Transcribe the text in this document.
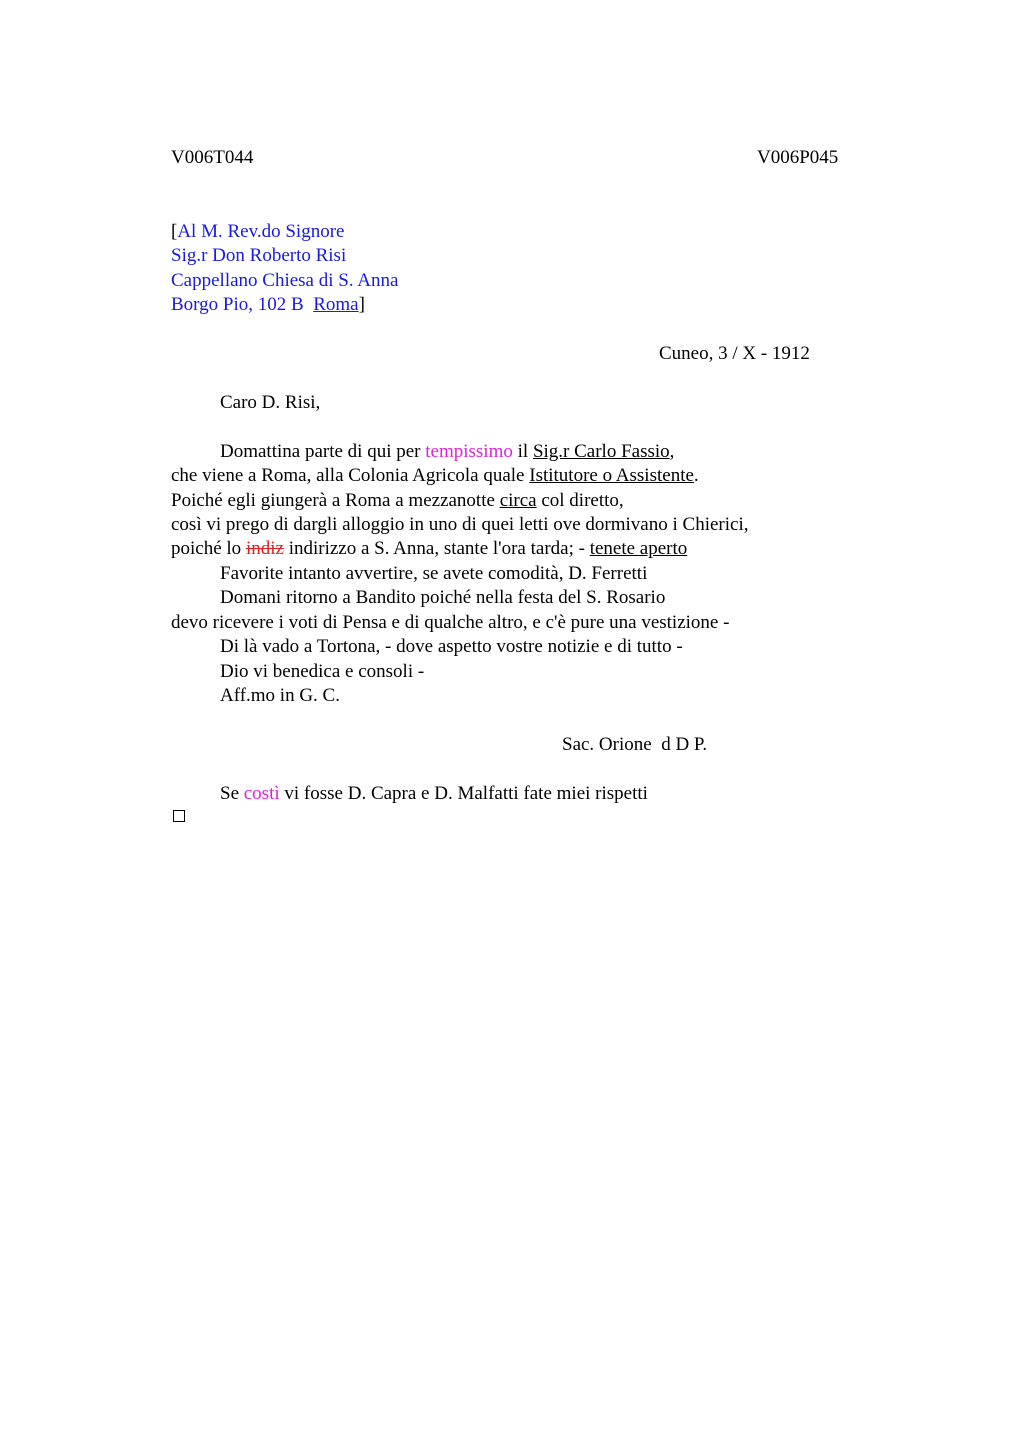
V006T044	V006P045
[Al M. Rev.do Signore
Sig.r Don Roberto Risi
Cappellano Chiesa di S. Anna
Borgo Pio, 102 B  Roma]
Cuneo, 3 / X - 1912
Caro D. Risi,
Domattina parte di qui per tempissimo il Sig.r Carlo Fassio,
che viene a Roma, alla Colonia Agricola quale Istitutore o Assistente.
Poiché egli giungerà a Roma a mezzanotte circa col diretto,
così vi prego di dargli alloggio in uno di quei letti ove dormivano i Chierici,
poiché lo indiz indirizzo a S. Anna, stante l'ora tarda; - tenete aperto
Favorite intanto avvertire, se avete comodità, D. Ferretti
Domani ritorno a Bandito poiché nella festa del S. Rosario
devo ricevere i voti di Pensa e di qualche altro, e c'è pure una vestizione -
Di là vado a Tortona, - dove aspetto vostre notizie e di tutto -
Dio vi benedica e consoli -
Aff.mo in G. C.
Sac. Orione  d D P.
Se costì vi fosse D. Capra e D. Malfatti fate miei rispetti
